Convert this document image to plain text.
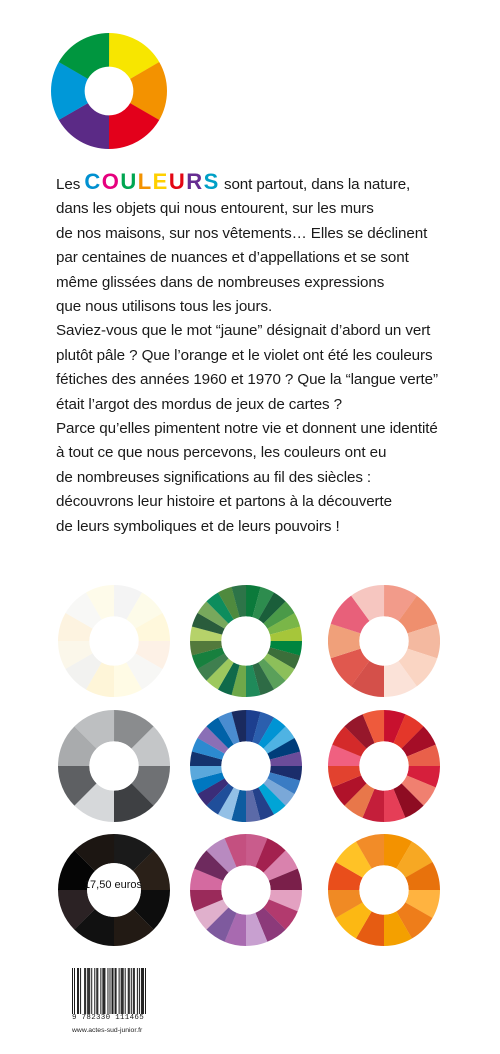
Les COULEURS sont partout, dans la nature,

dans les objets qui nous entourent, sur les murs

de nos maisons, sur nos vêtements… Elles se déclinent

par centaines de nuances et d’appellations et se sont

même glissées dans de nombreuses expressions

que nous utilisons tous les jours.

Saviez-vous que le mot “jaune” désignait d’abord un vert

plutôt pâle ? Que l’orange et le violet ont été les couleurs

fétiches des années 1960 et 1970 ? Que la “langue verte”

était l’argot des mordus de jeux de cartes ?

Parce qu’elles pimentent notre vie et donnent une identité

à tout ce que nous percevons, les couleurs ont eu

de nombreuses significations au fil des siècles :

découvrons leur histoire et partons à la découverte

de leurs symboliques et de leurs pouvoirs !

17,50 euros
9 782330 111465
www.actes-sud-junior.fr
